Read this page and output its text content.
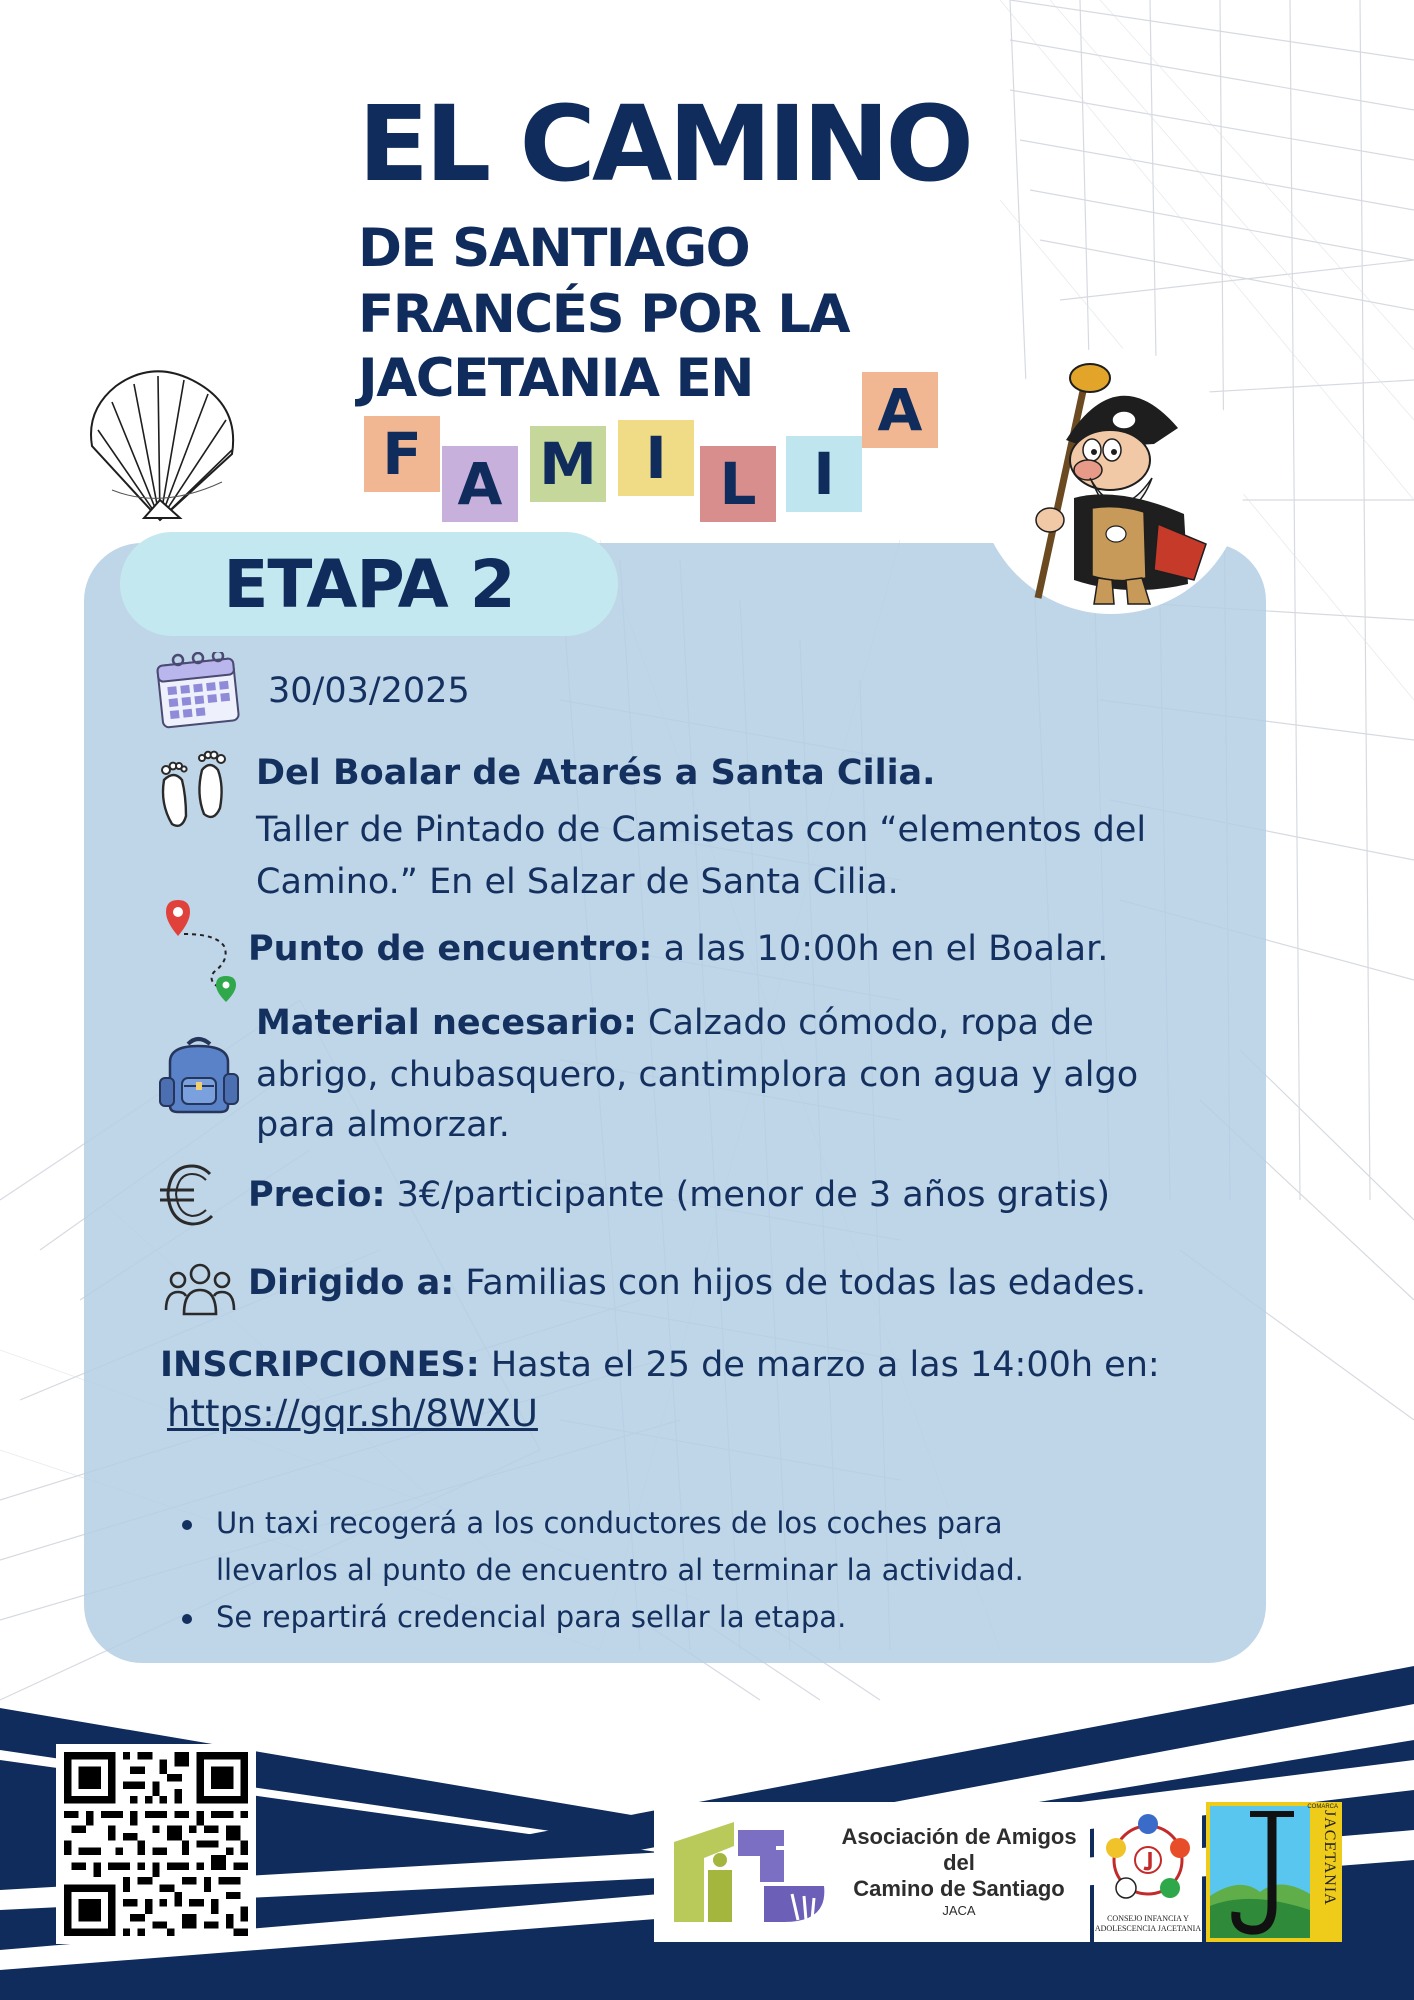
EL CAMINO
DE SANTIAGO
FRANCÉS POR LA
JACETANIA EN
F A M I L I
A
ETAPA 2
30/03/2025
Del Boalar de Atarés a Santa Cilia.
Taller de Pintado de Camisetas con “elementos del
Camino.” En el Salzar de Santa Cilia.
Punto de encuentro: a las 10:00h en el Boalar.
Material necesario: Calzado cómodo, ropa de
abrigo, chubasquero, cantimplora con agua y algo
para almorzar.
Precio: 3€/participante (menor de 3 años gratis)
Dirigido a: Familias con hijos de todas las edades.
INSCRIPCIONES: Hasta el 25 de marzo a las 14:00h en:
https://gqr.sh/8WXU
Un taxi recogerá a los conductores de los coches para
llevarlos al punto de encuentro al terminar la actividad.
Se repartirá credencial para sellar la etapa.
Asociación de Amigos
del
Camino de Santiago
JACA
CONSEJO INFANCIA Y
ADOLESCENCIA JACETANIA
COMARCA
JACETANIA
